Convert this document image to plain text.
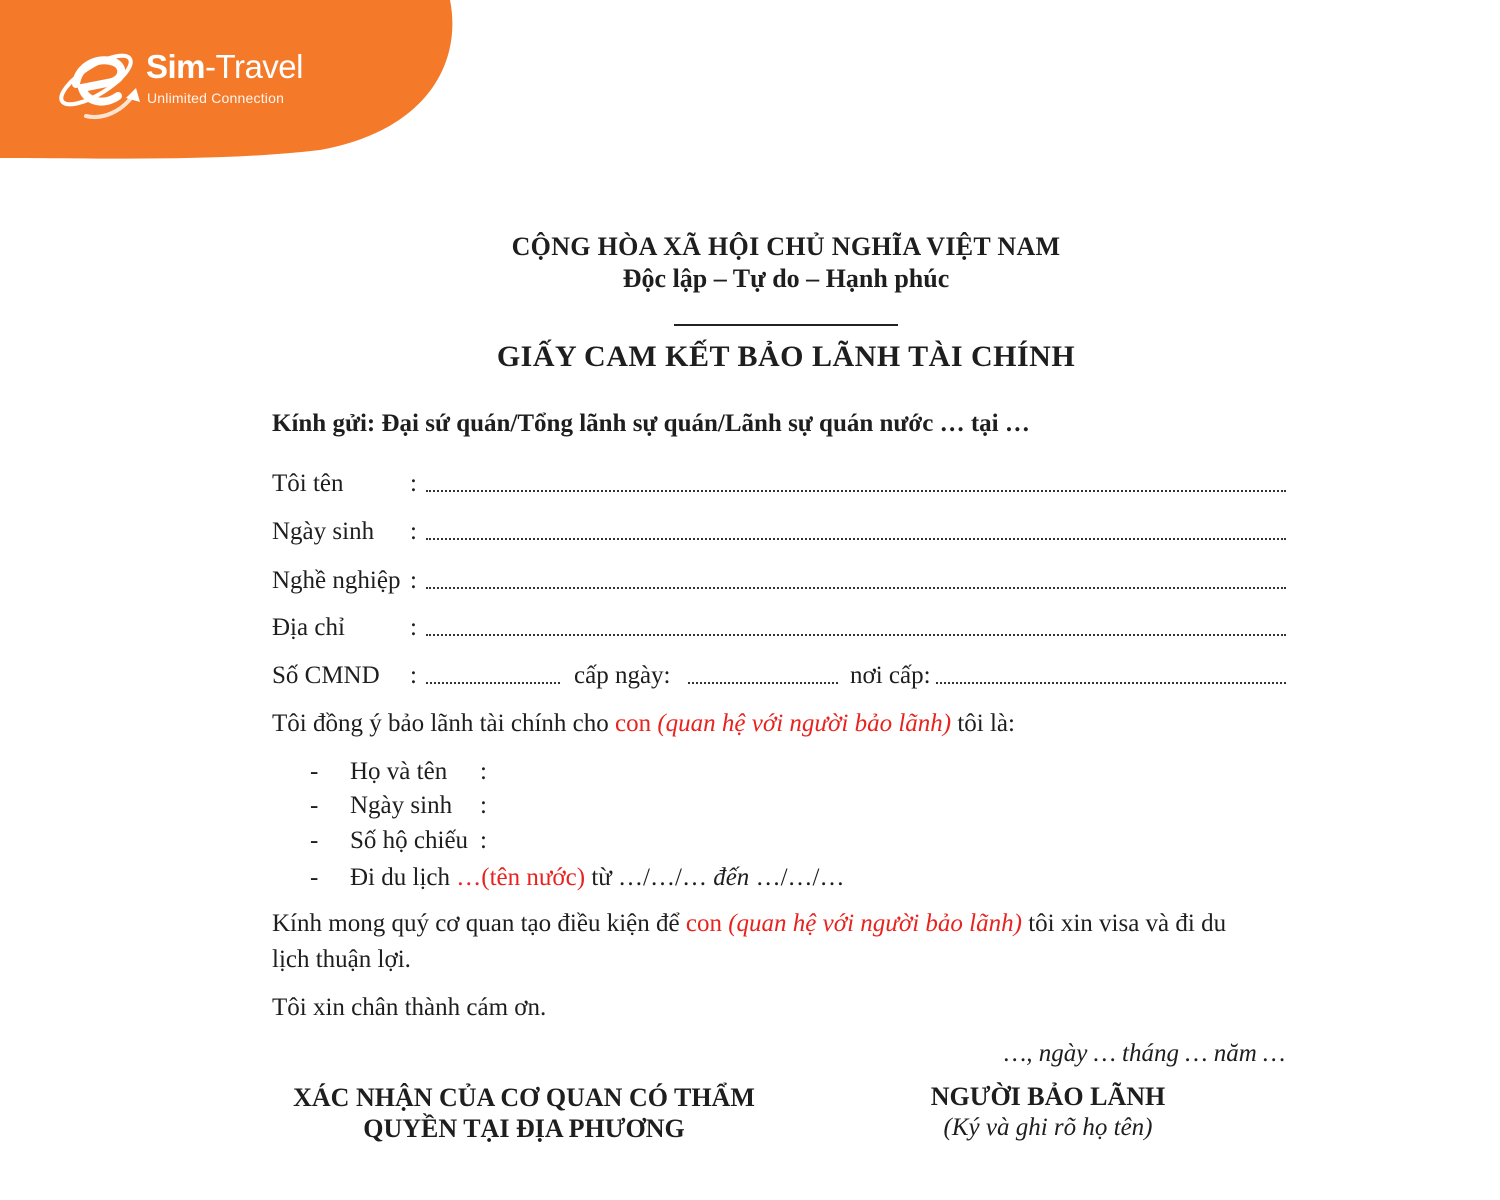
Sim-Travel
Unlimited Connection
CỘNG HÒA XÃ HỘI CHỦ NGHĨA VIỆT NAM
Độc lập – Tự do – Hạnh phúc
GIẤY CAM KẾT BẢO LÃNH TÀI CHÍNH
Kính gửi: Đại sứ quán/Tổng lãnh sự quán/Lãnh sự quán nước … tại …
Tôi tên	:
Ngày sinh :
Nghề nghiệp :
Địa chỉ	:
Số CMND :	cấp ngày:	nơi cấp:
Tôi đồng ý bảo lãnh tài chính cho con (quan hệ với người bảo lãnh) tôi là:
- Họ và tên :
- Ngày sinh :
- Số hộ chiếu :
- Đi du lịch …(tên nước) từ …/…/… đến …/…/…
Kính mong quý cơ quan tạo điều kiện để con (quan hệ với người bảo lãnh) tôi xin visa và đi du
lịch thuận lợi.
Tôi xin chân thành cám ơn.
…, ngày … tháng … năm …
XÁC NHẬN CỦA CƠ QUAN CÓ THẨM
QUYỀN TẠI ĐỊA PHƯƠNG
NGƯỜI BẢO LÃNH
(Ký và ghi rõ họ tên)
